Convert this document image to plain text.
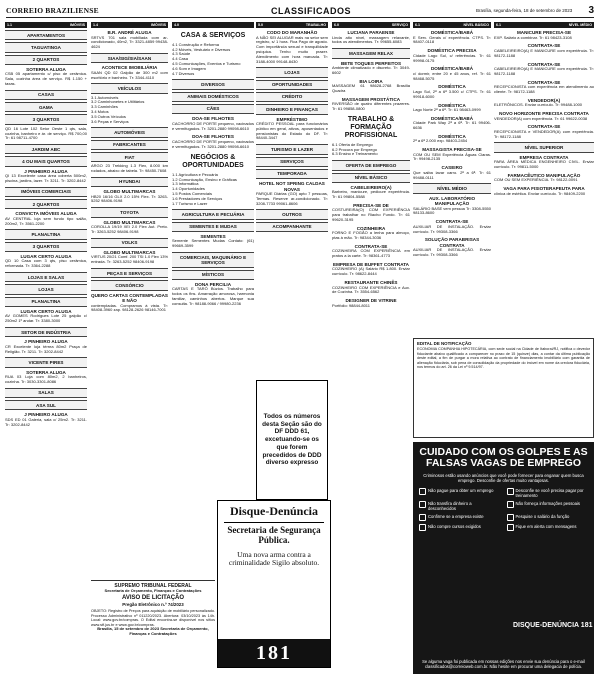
CORREIO BRAZILIENSE	CLASSIFICADOS	Brasília, segunda-feira, 18 de setembro de 2023 3
1.1	IMÓVEIS
APARTAMENTOS
TAGUATINGA
2 QUARTOS
SOTERRA ALUGA
CSB 05 apartamento c/ piso de cerâmica. Sala, cozinha área de serviço. R$ 1.150 + taxas.
CASAS
GAMA
3 QUARTOS
QD 16 Lote 102 Setor Oeste 1 qts, sala, cozinha, banheiro e ár. de serviço. R$ 700,00 Tr: 61 98711-4700
JARDIM ABC
4 OU MAIS QUARTOS
J PINHEIRO ALUGA
QI 13 Excelente casa área coberta 500m2, piscina, jardins, lazer. Tr: 3211. Tr: 3202-8442
IMÓVEIS COMERCIAIS
2 QUARTOS
CONVICTA IMÓVEIS ALUGA
AV CENTRAL loja sem fundo tipo salão, 200m2, Tr: 3561-2200
PLANALTINA
3 QUARTOS
LUGAR CERTO ALUGA
QD 10 Casa com 3 qts, piso cerâmica, reformada. Tr: 3364-2288
LOJAS E SALAS
LOJAS
PLANALTINA
LUGAR CERTO ALUGA
AV GOMES Rodrigues Lote 25 galpão c/ 250m2 1º andar. Tr: 3380-3000
SETOR DE INDÚSTRIA
J PINHEIRO ALUGA
CR Excelente loja térrea 80m2 Praça de Religião. Tr: 3211. Tr: 3202-8442
VICENTE PIRES
SOTERRA ALUGA
RUA 03 Loja com 80m2, 2 banheiros, cozinha. Tr: 3030-3301-8086
SALAS
ASA SUL
J PINHEIRO ALUGA
SDS ED 01 Galeria, sala c/ 25m2. Tr: 3211. Tr: 3202-8442
1.4	IMÓVEIS
B.R. ANDRÉ ALUGA
SRTVS 701 sala mobiliada com ar-condicionado, 40m2, Tr: 3321-4859 99438-4624
SIAA/SIG/SIA/SAAN
ACONTECE IMOBILIÁRIA
SAAN QD 02 Galpão de 300 m2 com escritório e banheiro. Tr: 3344-4110
VEÍCULOS
3.1 Automóveis
3.2 Caminhonetes e Utilitários
3.3 Caminhões
3.4 Motos
3.5 Outros Veículos
3.6 Peças e Serviços
AUTOMÓVEIS
FABRICANTES
FIAT
ARGO 23 Trekking 1.3 Flex, 8.000 km rodados, abaixo de tabela. Tr: 98450-7608
HYUNDAI
GLOBO MULTIMARCAS
HB20 16/16 GLX 2.0 15% Flex. Tr: 3263-5252 98406-9198
TOYOTA
GLOBO MULTIMARCAS
COROLLA 19/19 XEi 2.0 Flex Aut. Preto. Tr: 3263-5252 98406-9198
VOLKS
GLOBO MULTIMARCAS
VIRTUS 20/21 Comf. 200 TSI 1.0 Flex 13% entrada. Tr: 3263-5252 98406-9198
PEÇAS E SERVIÇOS
CONSÓRCIO
QUERO CARTAS CONTEMPLADAS E NÃO
contempladas. Compramos à vista. Tr: 98408-3960 zap. 98128-2626 98146-7001
4.0
CASA & SERVIÇOS
4.1 Construção e Reforma
4.2 Móveis, Vestuário e Diversos
4.3 Saúde
4.4 Casa
4.5 Comunicações, Eventos e Turismo
4.6 Som e Imagem
4.7 Diversos
DIVERSOS
ANIMAIS DOMÉSTICOS
CÃES
DOA-SE FILHOTES
CACHORRO DE PORTE pequeno, vacinados e vermifugados. Tr: 3201-2880 99098-6610
DOA-SE FILHOTES
CACHORRO DE PORTE pequeno, vacinados e vermifugados. Tr: 3201-2880 99098-6610
NEGÓCIOS & OPORTUNIDADES
1.1 Agricultura e Pecuária
1.2 Comunicação, Ensino e Gráficas
1.3 Informática
1.4 Oportunidades
1.5 Postos Comerciais
1.6 Prestadores de Serviços
1.7 Turismo e Lazer
AGRICULTURA E PECUÁRIA
SEMENTES E MUDAS
SEMENTES
Semente Sementes Mudas Contato: (61) 99669-3599
COMERCIAIS, MAQUINÁRIO E SERVIÇOS
MÍSTICOS
DONA PERCILIA
CARTAS E TARÔ Búzios. Trabalho para todos os fins. Amarração amorosa, harmonia familiar, caminhos abertos. Marque sua consulta. Tr: 98188-9066 / 99980-2236
5.0	TRABALHO
CODO DO MARANHÃO
A NÃO SEI ALUGAR mais na setor sem registro, s/ 1 hora. Fica Pago de agosto. Com importância sexual e tranquilidade psíquica. Tenho muito prazer. Atendimento com hora marcada. Tr: 3188-4000 99148-8430
LOJAS
OPORTUNIDADES
CRÉDITO
DINHEIRO E FINANÇAS
EMPRÉSTIMO
CRÉDITO PESSOAL para funcionários público em geral, ativos, aposentados e pensionistas do Estado do DF. Tr: 98440-3447
TURISMO E LAZER
SERVIÇOS
TEMPORADA
HOTEL NOT SPRING CALDAS NOVAS
PARQUE Diárias (GO) apto 7 pessoas, Termas. Reserve ar-condicionado. Tr: 3208-7733 99061-8606
OUTROS
ACOMPANHANTE
6.0	SERVIÇO
LUCIANA PARAENSE
Linda alto nível, massagem relaxante, todos os atendimentos. Tr: 99655-6083
MASSAGEM RELAX
BETE TOQUES PERFEITOS
Ambiente climatizado e discreto. Tr: 3049-6602
BIA LOIRA
MASSAGEM 61 98628-2768 Brasília Quadra
MASSAGEM PROSTÁTICA
RIVERSÃO de quatro diferentes prazeres. Tr: 61 99858-0800
TRABALHO & FORMAÇÃO PROFISSIONAL
6.1 Oferta de Emprego
6.2 Procura por Emprego
6.3 Ensino e Treinamento
OFERTA DE EMPREGO
NÍVEL BÁSICO
CABELEIREIRO(A)
Barbeiro, manicure, pedicure experiência. Tr: 61 99804-5588
PRECISA-SE DE
COSTUREIRA(O) COM EXPERIÊNCIA para trabalhar no Riacho Fundo. Tr: 61 99620-3195
COZINHEIRA
FORNO E FOGÃO a lenha para almoço, ptas à mão. Tr: 98344-3036
CONTRATA-SE
COZINHEIRA COM EXPERIÊNCIA em pratos a la carte. Tr: 98361-4773
EMPRESA DE BUFFET CONTRATA
COZINHEIRO (A) Salário R$ 1.800. Enviar currículo. Tr: 98622-8444
RESTAURANTE CHINÊS
COZINHEIRO COM EXPERIÊNCIA e Aux. de Cozinha. Tr: 3554-6562
DESIGNER DE VITRINE
Portfolio: 98844-8011
6.1	NÍVEL BÁSICO
DOMÉSTICA/BABÁ
E Serv. Gerais c/ experiência. CTPS. Tr: 98407-0118
DOMÉSTICA PRECISA
Cidade Lago Sul, c/ referências. Tr: 61 99998-0175
DOMÉSTICA/BABÁ
c/ dormir, entre 20 e 45 anos, ref. Tr: 61 98468-5075
DOMÉSTICA
Lago Sul, 2ª a 6ª 3.500 c/ CTPS. Tr: 61 99918-6000
DOMÉSTICA
Lago Norte 2ª a 6ª. Tr: 61 98463-0999
DOMÉSTICA/BABÁ
Cidade Park Way 2ª a 6ª. Tr: 61 99406-6636
DOMÉSTICA
2ª a 6ª 2.000 exp. 98403-2454
MASSAGISTA PRECISA-SE
COM OU SEM Experiência Águas Claras. Tr: 99498-2135
CASEIRO
Que saiba lavar carro. 2ª a 6ª. Tr: 61 99488-0111
NÍVEL MÉDIO
AUX. LABORATÓRIO MANIPULAÇÃO
SALÁRIO BASE vem pessoa Tr: 3308-5550 98133-8600
CONTRATA-SE
AUXILIAR DE INSTALAÇÃO. Enviar currículo. Tr: 99308-3366
SOLUÇÃO PARABRISAS CONTRATA
AUXILIAR DE INSTALAÇÃO. Enviar currículo. Tr: 99308-3366
6.1	NÍVEL MÉDIO
MANICURE PRECISA-SE
EXP. Salário a combinar. Tr: 61 98423-3108
CONTRATA-SE
CABELEIREIRO(A) E MANICURE com experiência. Tr: 98172-1188
CONTRATA-SE
CABELEIREIRO(A) E MANICURE com experiência. Tr: 98172-1188
CONTRATA-SE
RECEPCIONISTA com experiência em atendimento ao cliente. Tr: 98172-1188
VENDEDOR(A)
ELETRÔNICOS. Enviar currículo. Tr: 99488-1000
NOVO HORIZONTE PRECISA CONTRATA
VENDEDOR(A) com experiência. Tr: 61 99622-0038
CONTRATA-SE
RECEPCIONISTA e VENDEDOR(A) com experiência. Tr: 98172-1188
NÍVEL SUPERIOR
EMPRESA CONTRATA
PARA ÁREA MÉDICA ENGENHEIRO CIVIL. Enviar currículo. Tr: 99811-5000
FARMACÊUTICO MANIPULAÇÃO
COM OU SEM EXPERIÊNCIA. Tr: 98122-0091
VAGA PARA FISIOTERAPEUTA PARA
clínica de estética. Enviar currículo. Tr: 98409-2200
Todos os números desta Seção são do DF DDD 61, excetuando-se os que forem precedidos de DDD diverso expresso
SUPREMO TRIBUNAL FEDERAL
Secretaria de Orçamento, Finanças e Contratações
AVISO DE LICITAÇÃO
Pregão Eletrônico n.º 74/2023
OBJETO: Registro de Preços para aquisição de mobiliário personalizado. Processo Administrativo nº 011220/2023. Abertura: 03/10/2023 às 14h. Local: www.gov.br/compras. O Edital encontra-se disponível nos sítios www.stf.jus.br e www.gov.br/compras.
Brasília, 15 de setembro de 2023 Secretaria de Orçamento, Finanças e Contratações
Disque-Denúncia
Secretaria de Segurança Pública.
Uma nova arma contra a criminalidade Sigilo absoluto.
181
EDITAL DE NOTIFICAÇÃO
ECONOMIA COMPANHIA HIPOTECÁRIA, com sede social na Cidade de Itaboraí/RJ, notifica o devedor fiduciante abaixo qualificado a comparecer no prazo de 15 (quinze) dias, a contar da última publicação deste edital, a fim de purgar a mora relativa ao contrato de financiamento imobiliário com garantia de alienação fiduciária, sob pena de consolidação da propriedade do imóvel em nome da credora fiduciária, nos termos do art. 26 da Lei nº 9.514/97.
CUIDADO COM OS GOLPES E AS FALSAS VAGAS DE EMPREGO
Criminosos estão usando anúncios que você pode fornecer para enganar quem busca emprego. Desconfie de ofertas muito vantajosas.
Não pague para obter um emprego	Desconfie se você precisa pagar por treinamento
Não transfira dinheiro a desconhecidos
Não forneça informações pessoais
Confirme se a empresa existe	Pesquise o salário da função
Não compre cursos exigidos	Fique em alerta com mensagens
DISQUE-DENÚNCIA 181
Se alguma vaga foi publicada em nossas edições nos envie sua denúncia para o e-mail classificados@correioweb.com.br. Não hesite em procurar uma delegacia de polícia.
